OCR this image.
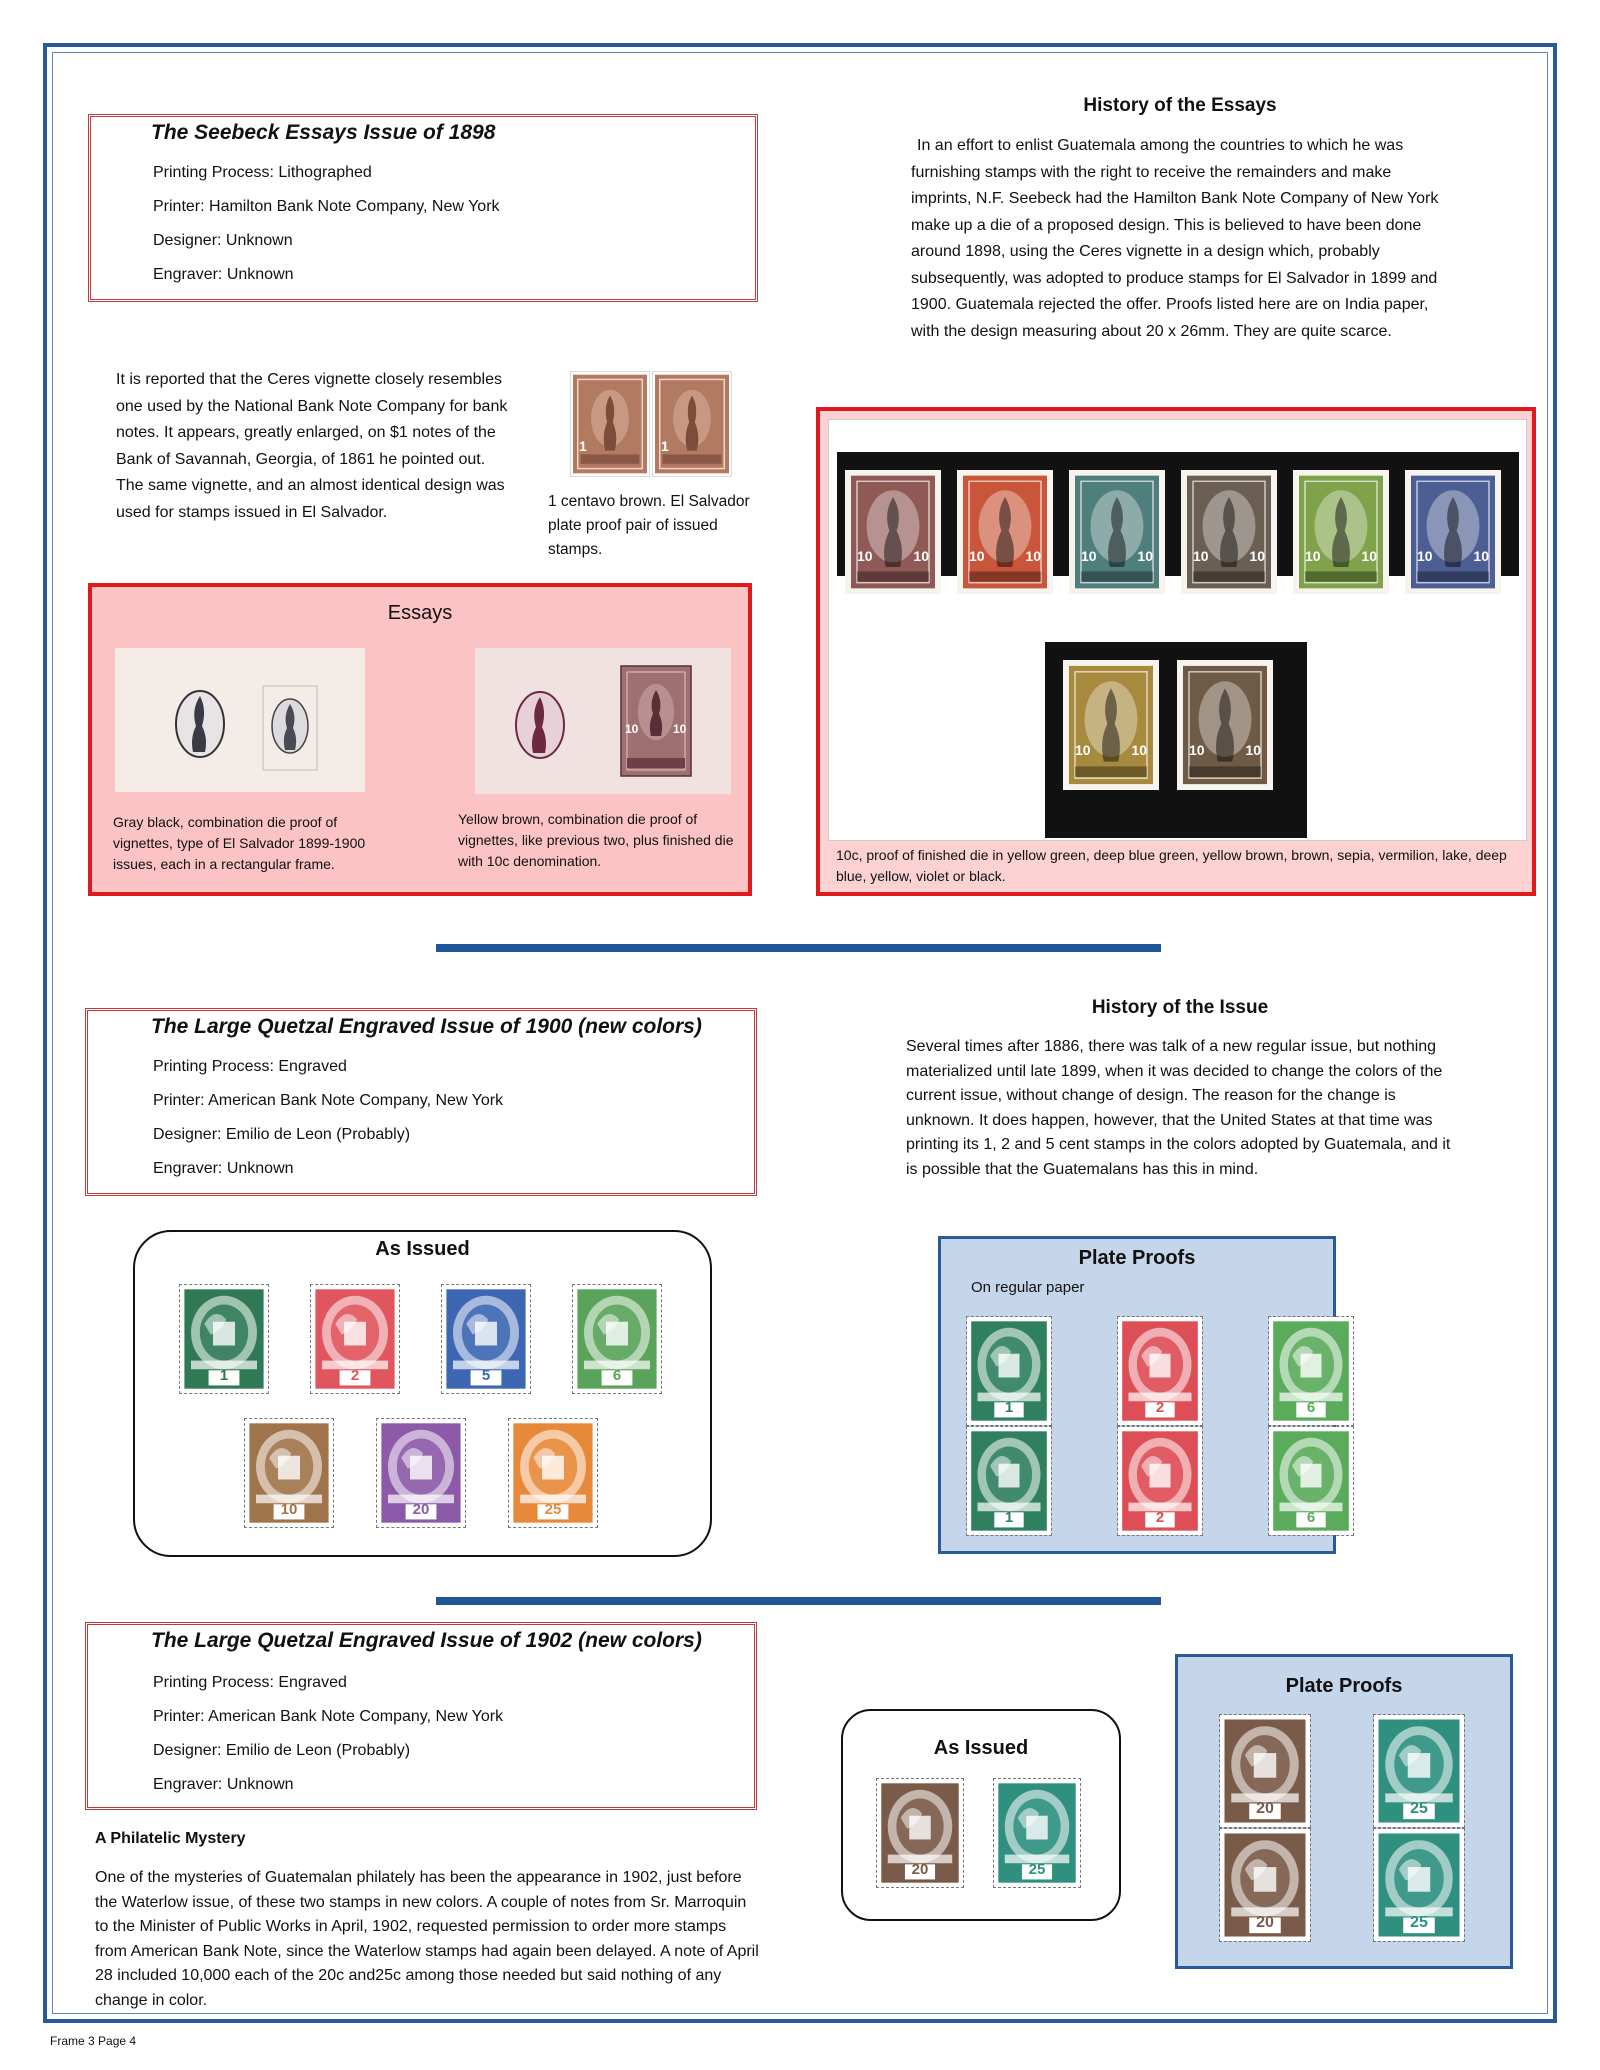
The Seebeck Essays Issue of 1898
Printing Process: Lithographed
Printer: Hamilton Bank Note Company, New York
Designer: Unknown
Engraver: Unknown
History of the Essays
In an effort to enlist Guatemala among the countries to which he was furnishing stamps with the right to receive the remainders and make imprints, N.F. Seebeck had the Hamilton Bank Note Company of New York make up a die of a proposed design. This is believed to have been done around 1898, using the Ceres vignette in a design which, probably subsequently, was adopted to produce stamps for El Salvador in 1899 and 1900. Guatemala rejected the offer. Proofs listed here are on India paper, with the design measuring about 20 x 26mm. They are quite scarce.
It is reported that the Ceres vignette closely resembles one used by the National Bank Note Company for bank notes. It appears, greatly enlarged, on $1 notes of the Bank of Savannah, Georgia, of 1861 he pointed out. The same vignette, and an almost identical design was used for stamps issued in El Salvador.
1	1
1 centavo brown. El Salvador plate proof pair of issued stamps.
Essays
10	10
Gray black, combination die proof of vignettes, type of El Salvador 1899-1900 issues, each in a rectangular frame.
Yellow brown, combination die proof of vignettes, like previous two, plus finished die with 10c denomination.
10	10	10	10	10	10	10	10	10	10	10	10
10	10	10	10
10c, proof of finished die in yellow green, deep blue green, yellow brown, brown, sepia, vermilion, lake, deep blue, yellow, violet or black.
The Large Quetzal Engraved Issue of 1900 (new colors)
Printing Process: Engraved
Printer: American Bank Note Company, New York
Designer: Emilio de Leon (Probably)
Engraver: Unknown
History of the Issue
Several times after 1886, there was talk of a new regular issue, but nothing materialized until late 1899, when it was decided to change the colors of the current issue, without change of design. The reason for the change is unknown. It does happen, however, that the United States at that time was printing its 1, 2 and 5 cent stamps in the colors adopted by Guatemala, and it is possible that the Guatemalans has this in mind.
As Issued
1	2	5	6
10	20	25
Plate Proofs
On regular paper
1
1
2
2
6
6
The Large Quetzal Engraved Issue of 1902 (new colors)
Printing Process: Engraved
Printer: American Bank Note Company, New York
Designer: Emilio de Leon (Probably)
Engraver: Unknown
A Philatelic Mystery
One of the mysteries of Guatemalan philately has been the appearance in 1902, just before the Waterlow issue, of these two stamps in new colors. A couple of notes from Sr. Marroquin to the Minister of Public Works in April, 1902, requested permission to order more stamps from American Bank Note, since the Waterlow stamps had again been delayed. A note of April 28 included 10,000 each of the 20c and25c among those needed but said nothing of any change in color.
As Issued
20	25
Plate Proofs
20
20
25
25
Frame 3 Page 4
